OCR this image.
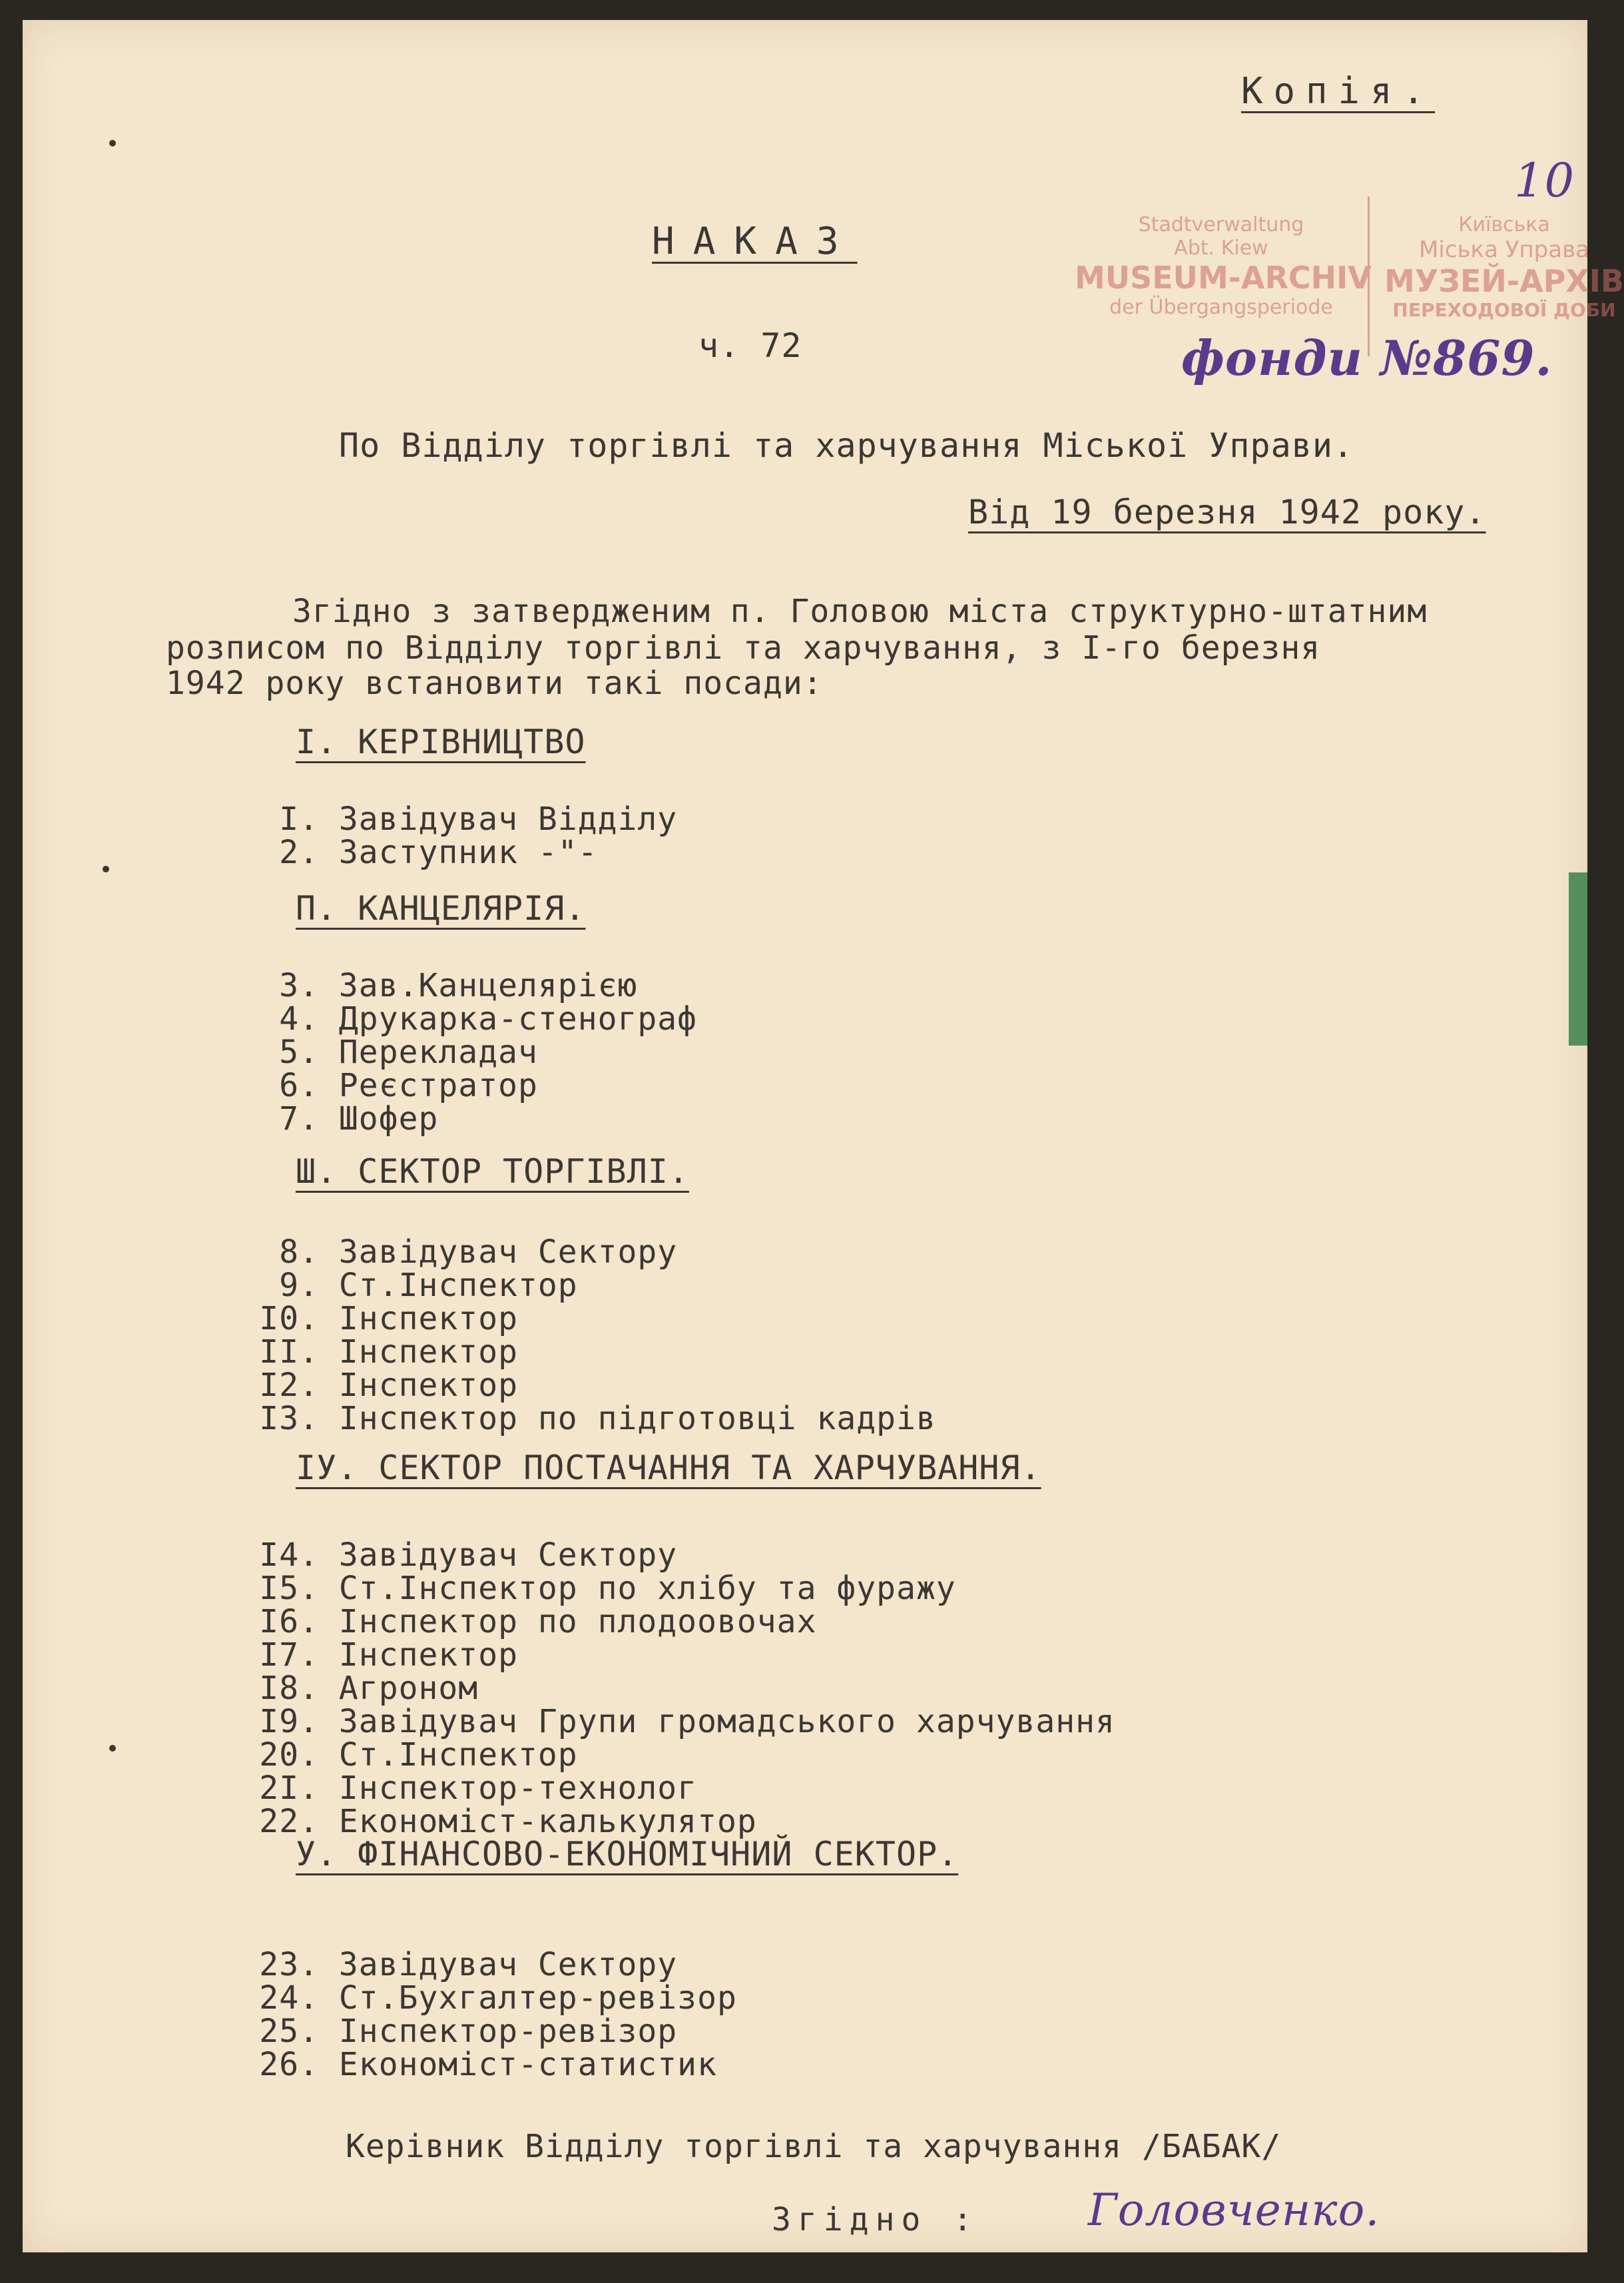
Копія.
10
Stadtverwaltung
Abt. Kiew
MUSEUM-ARCHIV
der Übergangsperiode
Київська
Міська Управа
МУЗЕЙ-АРХІВ
ПЕРЕХОДОВОЇ ДОБИ
фонди №869.
НАКАЗ
ч. 72
По Відділу торгівлі та харчування Міської Управи.
Від 19 березня 1942 року.
Згідно з затвердженим п. Головою міста структурно-штатним
розписом по Відділу торгівлі та харчування, з І-го березня
1942 року встановити такі посади:
І. КЕРІВНИЦТВО
І. Завідувач Відділу
2. Заступник -"-
П. КАНЦЕЛЯРІЯ.
3. Зав.Канцелярією
4. Друкарка-стенограф
5. Перекладач
6. Реєстратор
7. Шофер
Ш. СЕКТОР ТОРГІВЛІ.
8. Завідувач Сектору
9. Ст.Інспектор
І0. Інспектор
ІІ. Інспектор
І2. Інспектор
І3. Інспектор по підготовці кадрів
ІУ. СЕКТОР ПОСТАЧАННЯ ТА ХАРЧУВАННЯ.
І4. Завідувач Сектору
І5. Ст.Інспектор по хлібу та фуражу
І6. Інспектор по плодоовочах
І7. Інспектор
І8. Агроном
І9. Завідувач Групи громадського харчування
20. Ст.Інспектор
2І. Інспектор-технолог
22. Економіст-калькулятор
У. ФІНАНСОВО-ЕКОНОМІЧНИЙ СЕКТОР.
23. Завідувач Сектору
24. Ст.Бухгалтер-ревізор
25. Інспектор-ревізор
26. Економіст-статистик
Керівник Відділу торгівлі та харчування /БАБАК/
Згідно : Головченко.
